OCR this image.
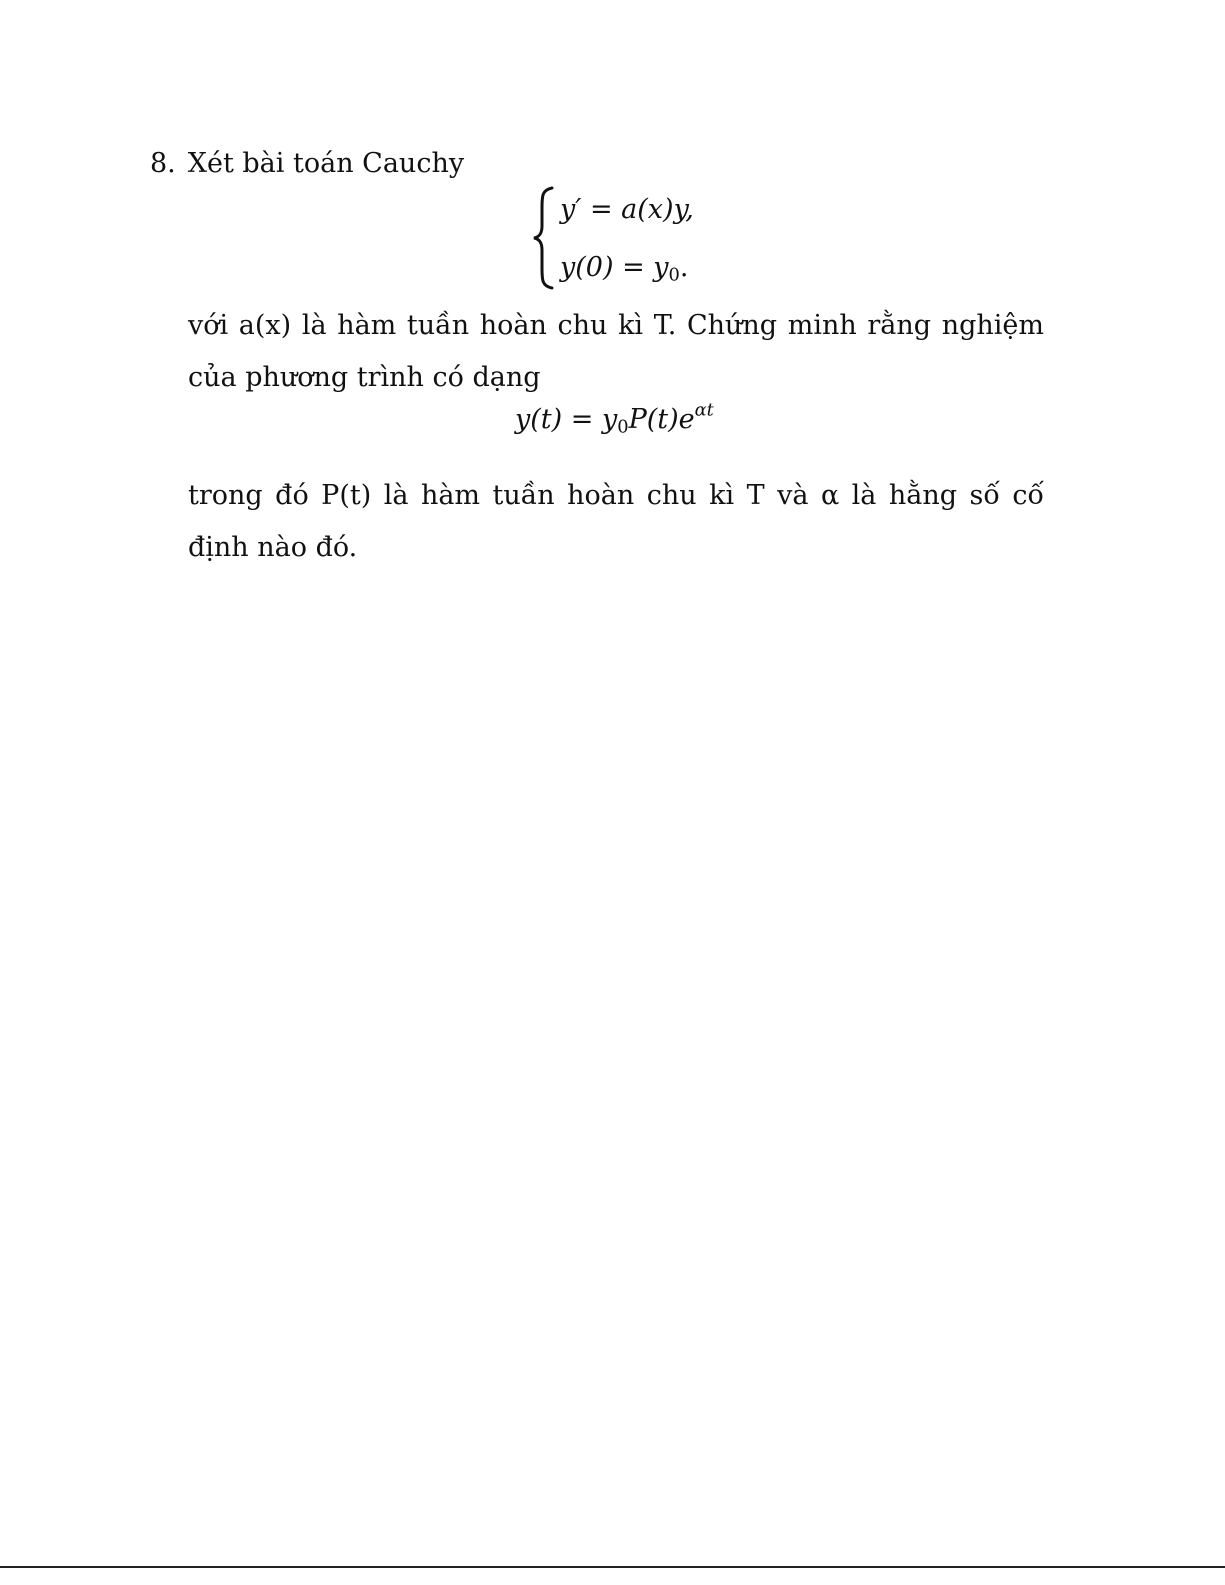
8. Xét bài toán Cauchy
y′ = a(x)y,
$y(0) = y_0$.
với a(x) là hàm tuần hoàn chu kì T. Chứng minh rằng nghiệm của phương trình có dạng
$y(t) = y_0P(t)e^{\alpha t}$
trong đó P(t) là hàm tuần hoàn chu kì T và α là hằng số cố định nào đó.
